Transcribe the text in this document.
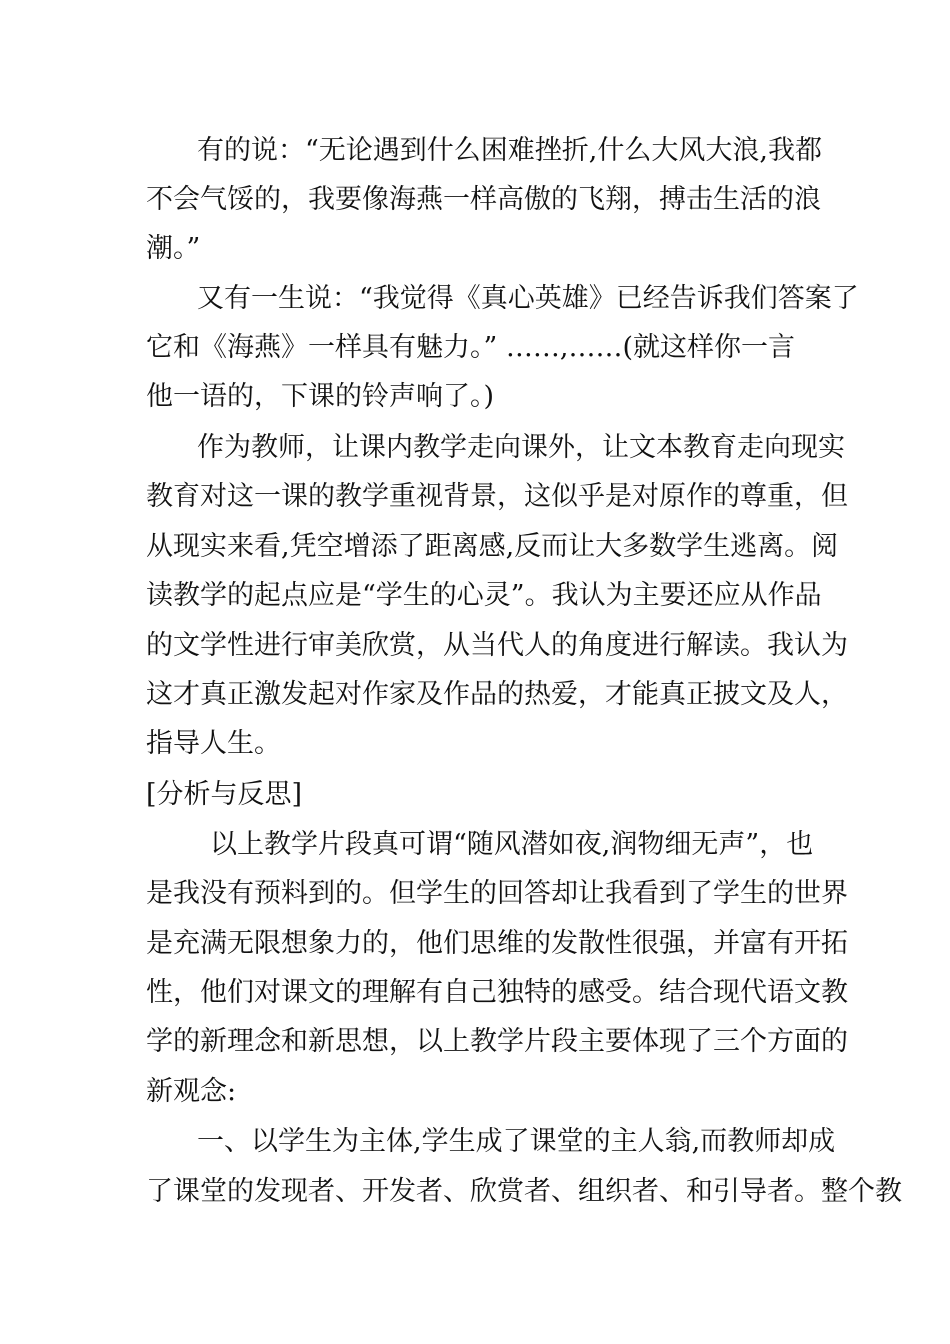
有的说：“无论遇到什么困难挫折,什么大风大浪,我都
不会气馁的，我要像海燕一样高傲的飞翔，搏击生活的浪
潮。”
又有一生说：“我觉得《真心英雄》已经告诉我们答案了
它和《海燕》一样具有魅力。” ……,……(就这样你一言
他一语的，下课的铃声响了。)
作为教师，让课内教学走向课外，让文本教育走向现实
教育对这一课的教学重视背景，这似乎是对原作的尊重，但
从现实来看,凭空增添了距离感,反而让大多数学生逃离。阅
读教学的起点应是“学生的心灵”。我认为主要还应从作品
的文学性进行审美欣赏，从当代人的角度进行解读。我认为
这才真正激发起对作家及作品的热爱，才能真正披文及人，
指导人生。
[分析与反思]
以上教学片段真可谓“随风潜如夜,润物细无声”，也
是我没有预料到的。但学生的回答却让我看到了学生的世界
是充满无限想象力的，他们思维的发散性很强，并富有开拓
性，他们对课文的理解有自己独特的感受。结合现代语文教
学的新理念和新思想，以上教学片段主要体现了三个方面的
新观念:
一、以学生为主体,学生成了课堂的主人翁,而教师却成
了课堂的发现者、开发者、欣赏者、组织者、和引导者。整个教
